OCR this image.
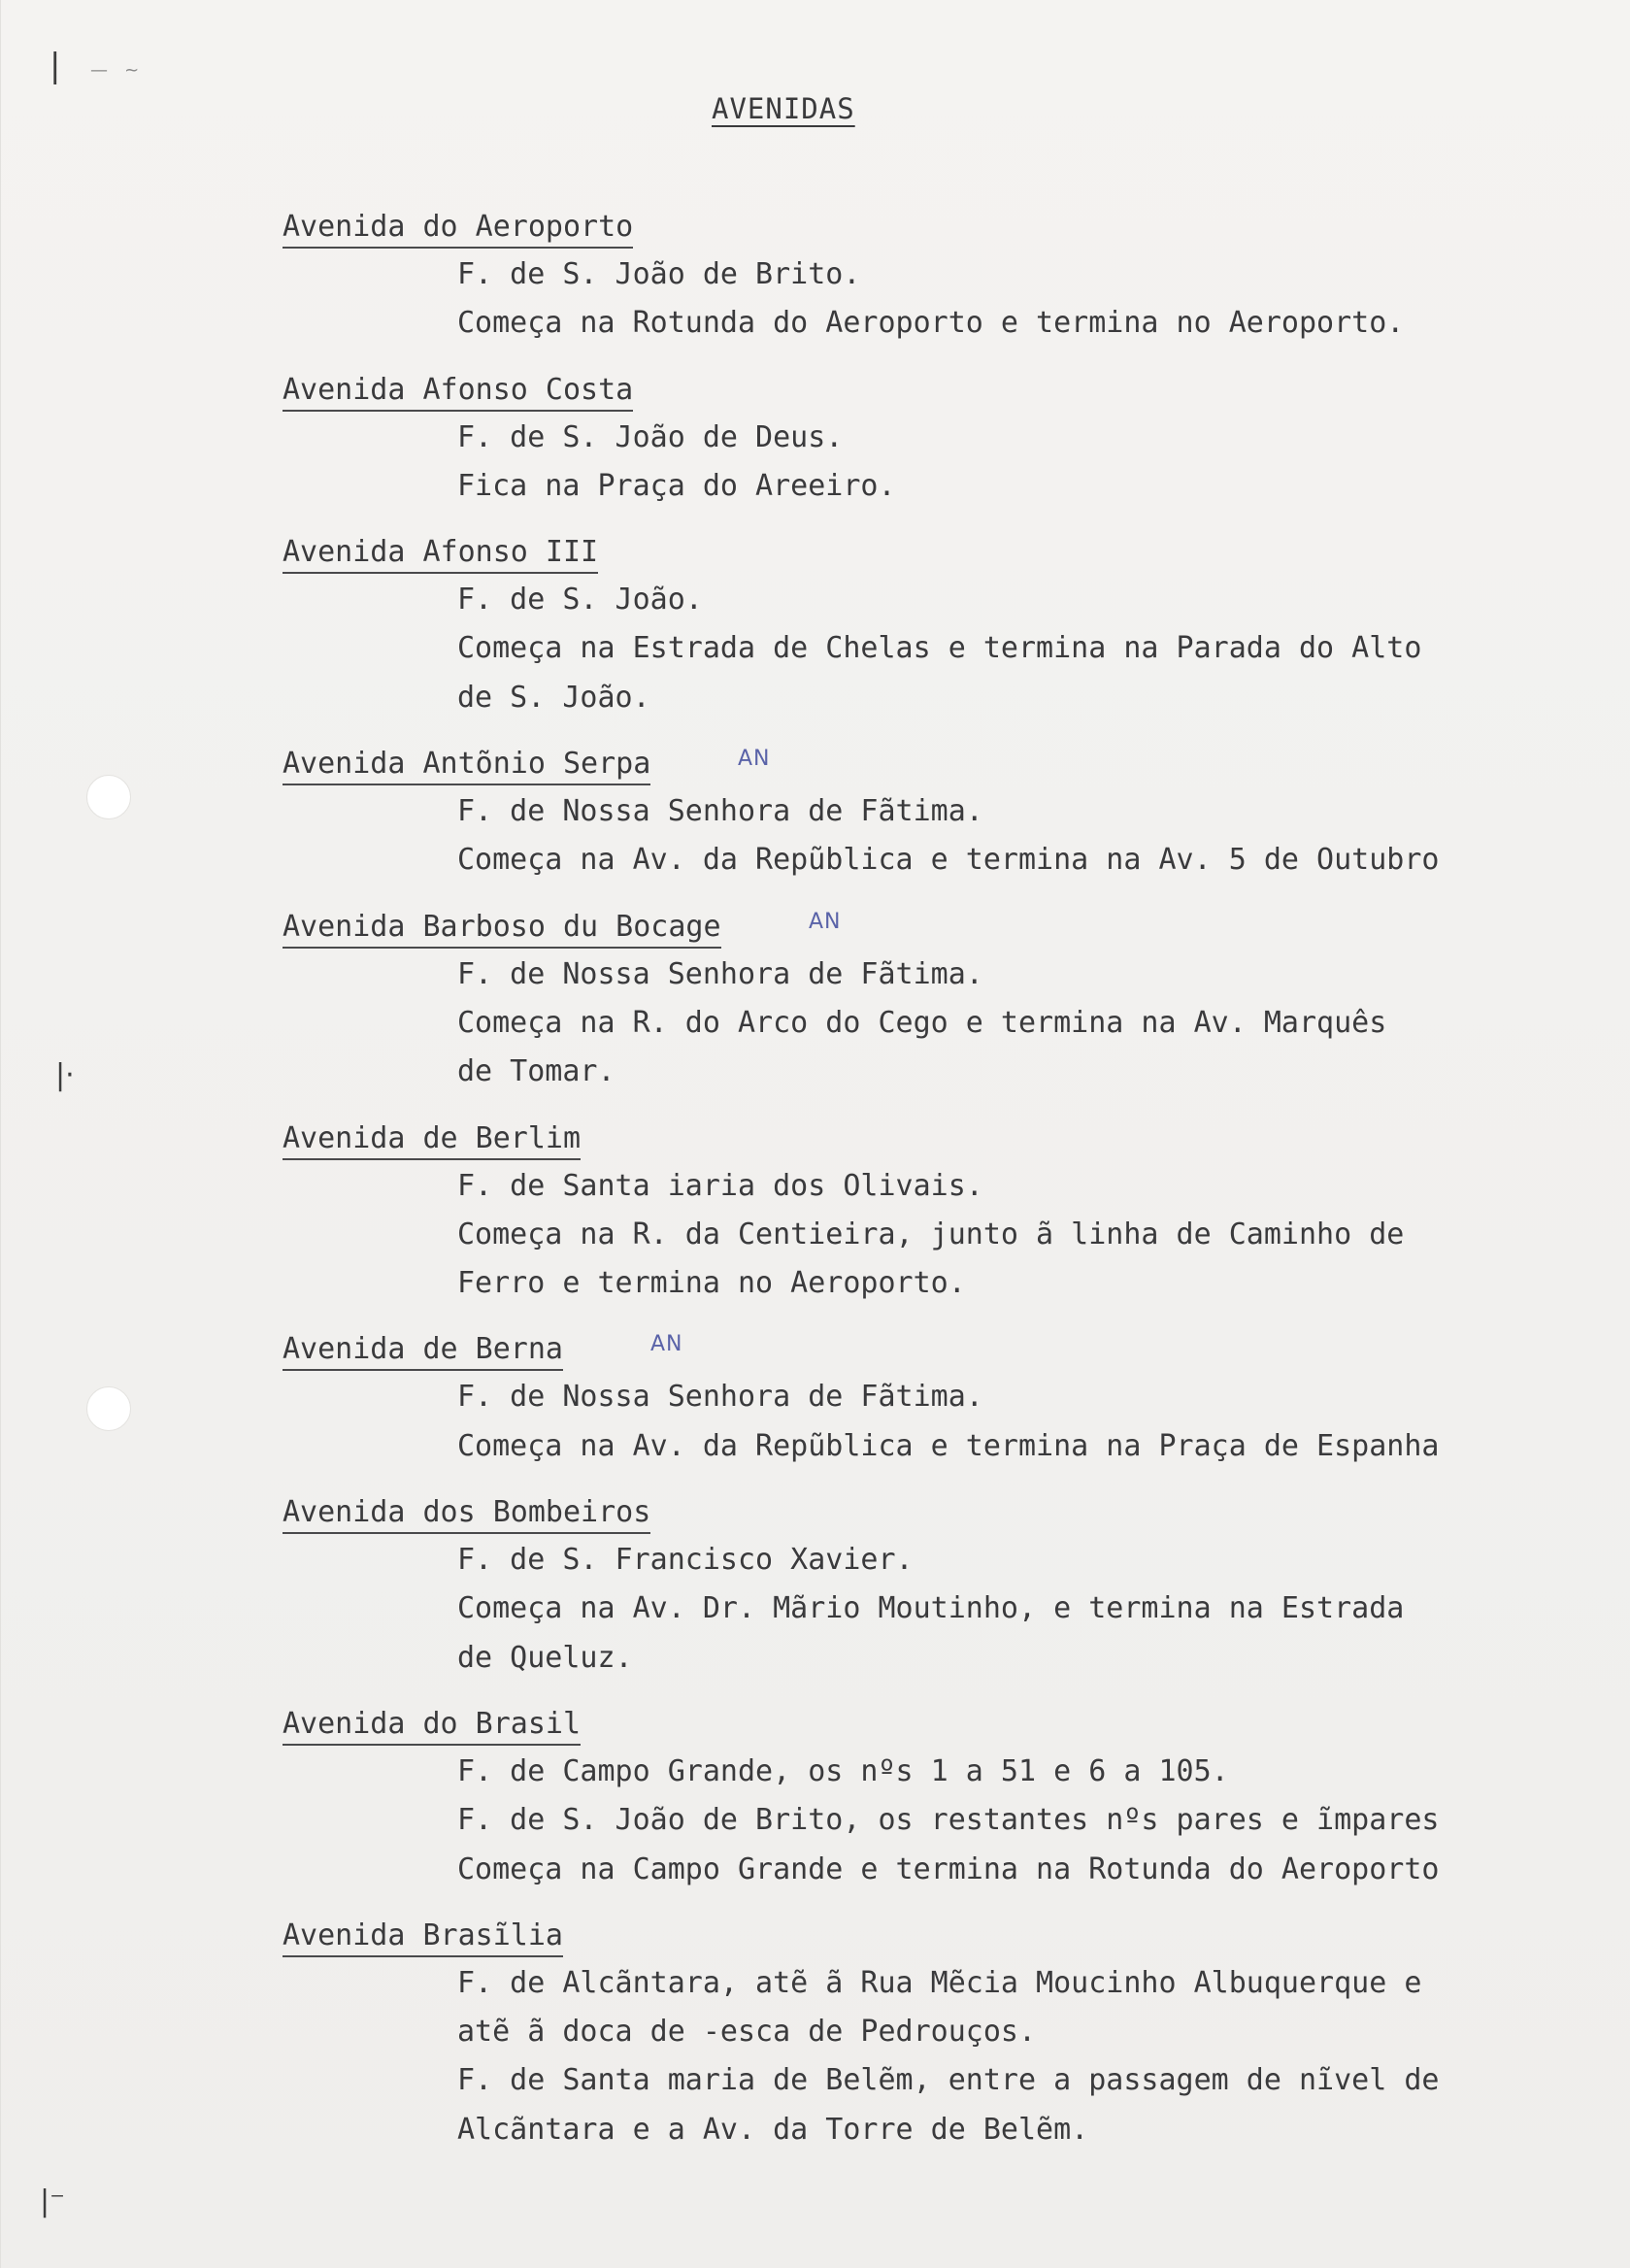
| —   ~
|·
|⁻
AVENIDAS
Avenida do Aeroporto
F. de S. João de Brito.
Começa na Rotunda do Aeroporto e termina no Aeroporto.
Avenida Afonso Costa
F. de S. João de Deus.
Fica na Praça do Areeiro.
Avenida Afonso III
F. de S. João.
Começa na Estrada de Chelas e termina na Parada do Alto
de S. João.
Avenida Antõnio Serpa	AN
F. de Nossa Senhora de Fãtima.
Começa na Av. da Repũblica e termina na Av. 5 de Outubro
Avenida Barboso du Bocage	AN
F. de Nossa Senhora de Fãtima.
Começa na R. do Arco do Cego e termina na Av. Marquês
de Tomar.
Avenida de Berlim
F. de Santa iaria dos Olivais.
Começa na R. da Centieira, junto ã linha de Caminho de
Ferro e termina no Aeroporto.
Avenida de Berna	AN
F. de Nossa Senhora de Fãtima.
Começa na Av. da Repũblica e termina na Praça de Espanha
Avenida dos Bombeiros
F. de S. Francisco Xavier.
Começa na Av. Dr. Mãrio Moutinho, e termina na Estrada
de Queluz.
Avenida do Brasil
F. de Campo Grande, os nºs 1 a 51 e 6 a 105.
F. de S. João de Brito, os restantes nºs pares e ĩmpares
Começa na Campo Grande e termina na Rotunda do Aeroporto
Avenida Brasĩlia
F. de Alcãntara, atẽ ã Rua Mẽcia Moucinho Albuquerque e
atẽ ã doca de -esca de Pedrouços.
F. de Santa maria de Belẽm, entre a passagem de nĩvel de
Alcãntara e a Av. da Torre de Belẽm.
